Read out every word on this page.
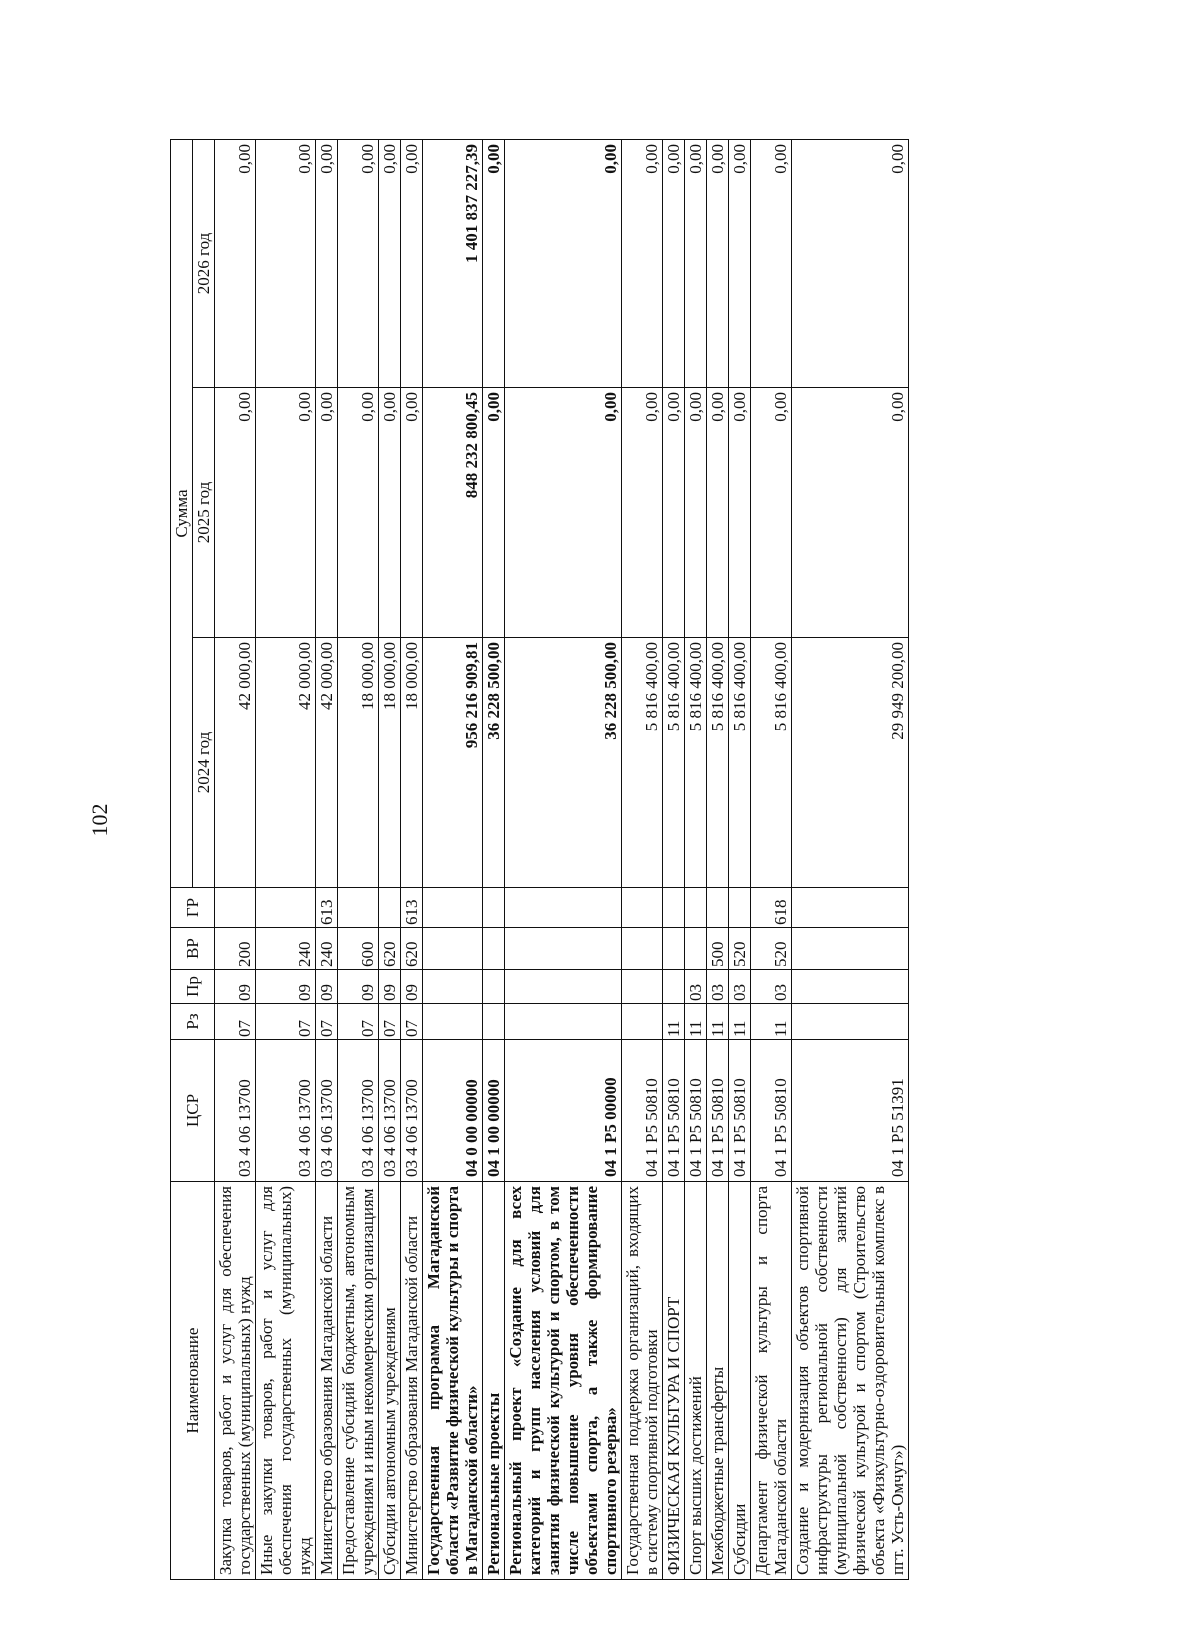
102
Наименование	ЦСР	Рз	Пр	ВР	ГР	Сумма		
						2024 год	2025 год	2026 год
Закупка товаров, работ и услуг для обеспечения государственных (муниципальных) нужд	03 4 06 13700	07	09	200		42 000,00	0,00	0,00
Иные закупки товаров, работ и услуг для обеспечения государственных (муниципальных) нужд	03 4 06 13700	07	09	240		42 000,00	0,00	0,00
Министерство образования Магаданской области	03 4 06 13700	07	09	240	613	42 000,00	0,00	0,00
Предоставление субсидий бюджетным, автономным учреждениям и иным некоммерческим организациям	03 4 06 13700	07	09	600		18 000,00	0,00	0,00
Субсидии автономным учреждениям	03 4 06 13700	07	09	620		18 000,00	0,00	0,00
Министерство образования Магаданской области	03 4 06 13700	07	09	620	613	18 000,00	0,00	0,00
Государственная программа Магаданской области «Развитие физической культуры и спорта в Магаданской области»	04 0 00 00000					956 216 909,81	848 232 800,45	1 401 837 227,39
Региональные проекты	04 1 00 00000					36 228 500,00	0,00	0,00
Региональный проект «Создание для всех категорий и групп населения условий для занятия физической культурой и спортом, в том числе повышение уровня обеспеченности объектами спорта, а также формирование спортивного резерва»	04 1 P5 00000					36 228 500,00	0,00	0,00
Государственная поддержка организаций, входящих в систему спортивной подготовки	04 1 P5 50810					5 816 400,00	0,00	0,00
ФИЗИЧЕСКАЯ КУЛЬТУРА И СПОРТ	04 1 P5 50810	11				5 816 400,00	0,00	0,00
Спорт высших достижений	04 1 P5 50810	11	03			5 816 400,00	0,00	0,00
Межбюджетные трансферты	04 1 P5 50810	11	03	500		5 816 400,00	0,00	0,00
Субсидии	04 1 P5 50810	11	03	520		5 816 400,00	0,00	0,00
Департамент физической культуры и спорта Магаданской области	04 1 P5 50810	11	03	520	618	5 816 400,00	0,00	0,00
Создание и модернизация объектов спортивной инфраструктуры региональной собственности (муниципальной собственности) для занятий физической культурой и спортом (Строительство объекта «Физкультурно-оздоровительный комплекс в пгт. Усть-Омчуг»)	04 1 P5 51391					29 949 200,00	0,00	0,00
